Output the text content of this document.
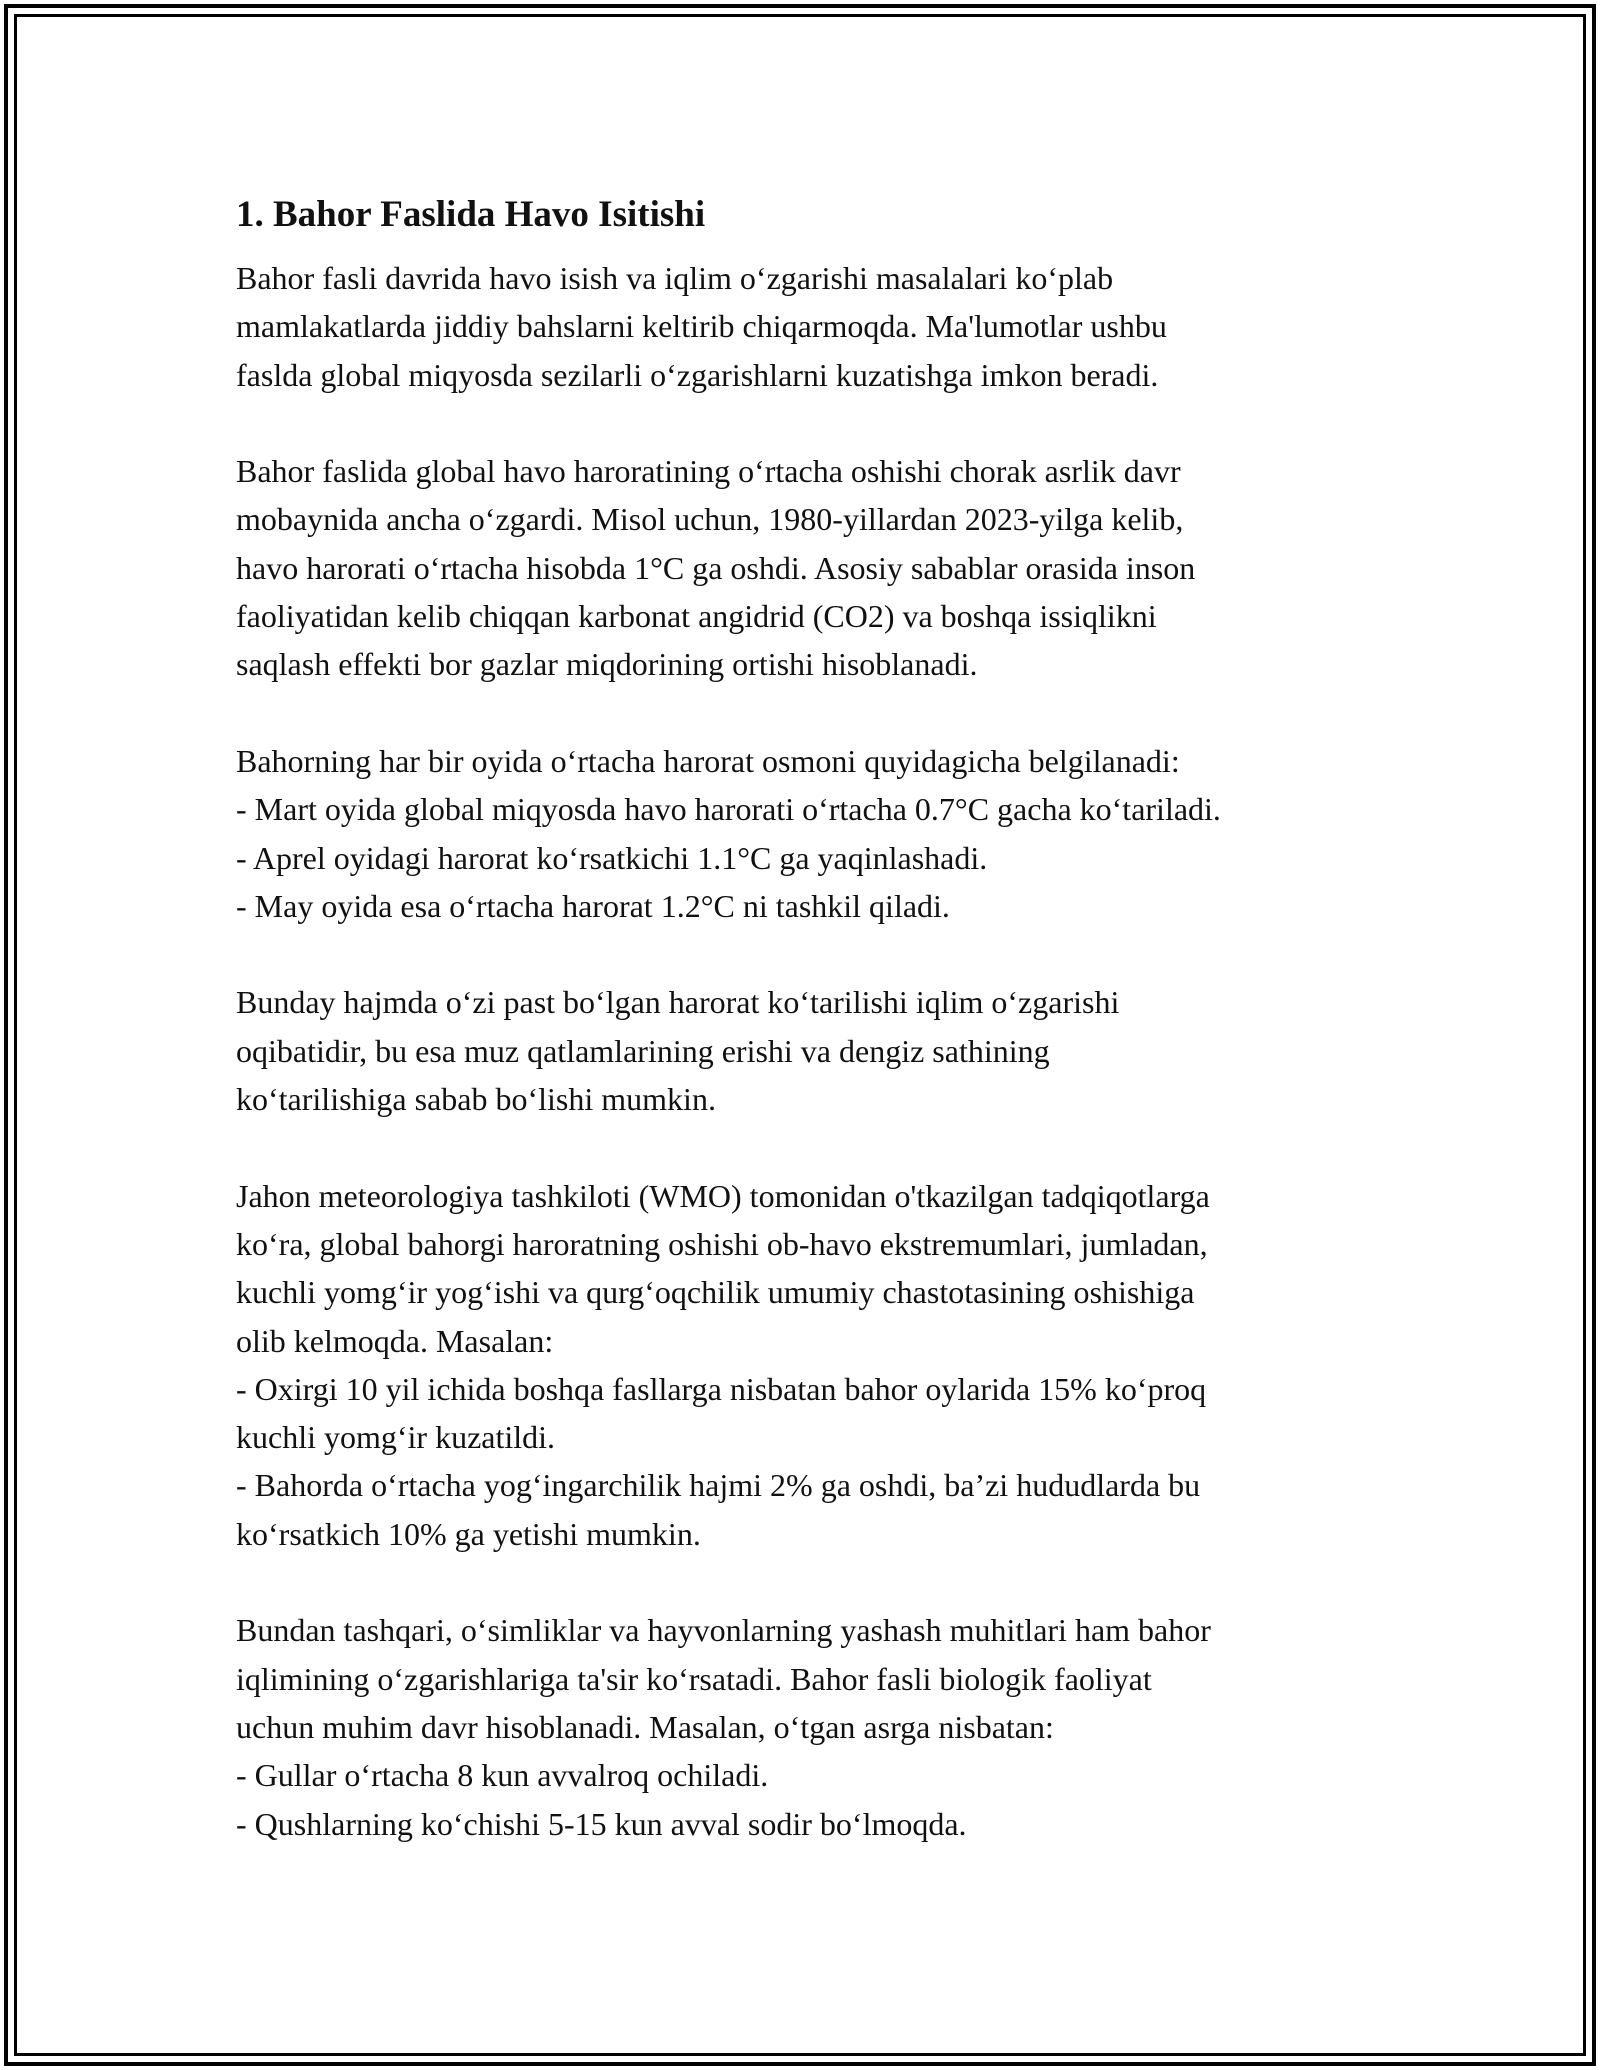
1. Bahor Faslida Havo Isitishi
Bahor fasli davrida havo isish va iqlim o‘zgarishi masalalari ko‘plab
mamlakatlarda jiddiy bahslarni keltirib chiqarmoqda. Ma'lumotlar ushbu
faslda global miqyosda sezilarli o‘zgarishlarni kuzatishga imkon beradi.
Bahor faslida global havo haroratining o‘rtacha oshishi chorak asrlik davr
mobaynida ancha o‘zgardi. Misol uchun, 1980-yillardan 2023-yilga kelib,
havo harorati o‘rtacha hisobda 1°C ga oshdi. Asosiy sabablar orasida inson
faoliyatidan kelib chiqqan karbonat angidrid (CO2) va boshqa issiqlikni
saqlash effekti bor gazlar miqdorining ortishi hisoblanadi.
Bahorning har bir oyida o‘rtacha harorat osmoni quyidagicha belgilanadi:
- Mart oyida global miqyosda havo harorati o‘rtacha 0.7°C gacha ko‘tariladi.
- Aprel oyidagi harorat ko‘rsatkichi 1.1°C ga yaqinlashadi.
- May oyida esa o‘rtacha harorat 1.2°C ni tashkil qiladi.
Bunday hajmda o‘zi past bo‘lgan harorat ko‘tarilishi iqlim o‘zgarishi
oqibatidir, bu esa muz qatlamlarining erishi va dengiz sathining
ko‘tarilishiga sabab bo‘lishi mumkin.
Jahon meteorologiya tashkiloti (WMO) tomonidan o'tkazilgan tadqiqotlarga
ko‘ra, global bahorgi haroratning oshishi ob-havo ekstremumlari, jumladan,
kuchli yomg‘ir yog‘ishi va qurg‘oqchilik umumiy chastotasining oshishiga
olib kelmoqda. Masalan:
- Oxirgi 10 yil ichida boshqa fasllarga nisbatan bahor oylarida 15% ko‘proq
kuchli yomg‘ir kuzatildi.
- Bahorda o‘rtacha yog‘ingarchilik hajmi 2% ga oshdi, ba’zi hududlarda bu
ko‘rsatkich 10% ga yetishi mumkin.
Bundan tashqari, o‘simliklar va hayvonlarning yashash muhitlari ham bahor
iqlimining o‘zgarishlariga ta'sir ko‘rsatadi. Bahor fasli biologik faoliyat
uchun muhim davr hisoblanadi. Masalan, o‘tgan asrga nisbatan:
- Gullar o‘rtacha 8 kun avvalroq ochiladi.
- Qushlarning ko‘chishi 5-15 kun avval sodir bo‘lmoqda.
